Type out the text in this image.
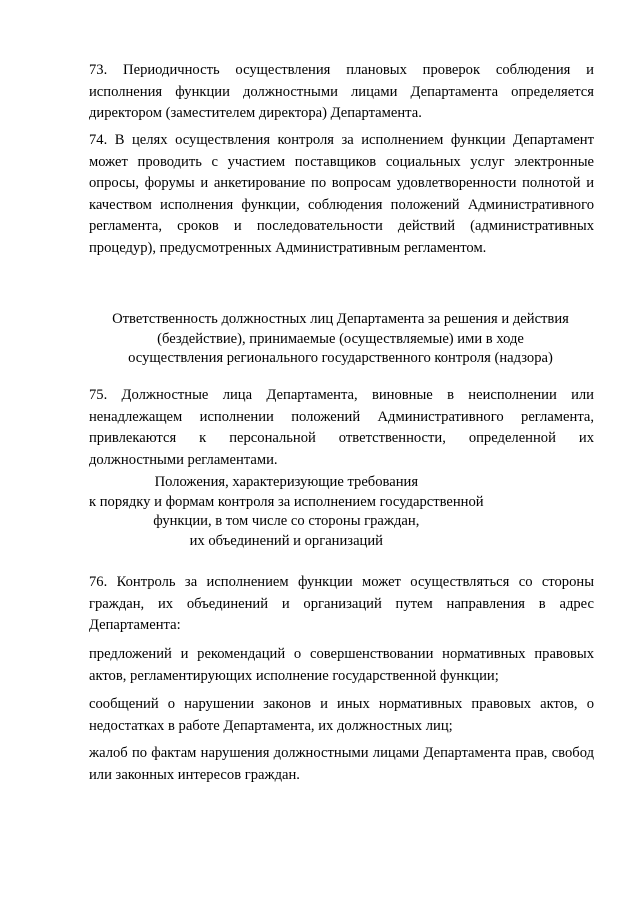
73. Периодичность осуществления плановых проверок соблюдения и исполнения функции должностными лицами Департамента определяется директором (заместителем директора) Департамента.

74. В целях осуществления контроля за исполнением функции Департамент может проводить с участием поставщиков социальных услуг электронные опросы, форумы и анкетирование по вопросам удовлетворенности полнотой и качеством исполнения функции, соблюдения положений Административного регламента, сроков и последовательности действий (административных процедур), предусмотренных Административным регламентом.

Ответственность должностных лиц Департамента за решения и действия
(бездействие), принимаемые (осуществляемые) ими в ходе
осуществления регионального государственного контроля (надзора)

75. Должностные лица Департамента, виновные в неисполнении или ненадлежащем исполнении положений Административного регламента, привлекаются к персональной ответственности, определенной их должностными регламентами.

Положения, характеризующие требования
к порядку и формам контроля за исполнением государственной
функции, в том числе со стороны граждан,
их объединений и организаций

76. Контроль за исполнением функции может осуществляться со стороны граждан, их объединений и организаций путем направления в адрес Департамента:

предложений и рекомендаций о совершенствовании нормативных правовых актов, регламентирующих исполнение государственной функции;

сообщений о нарушении законов и иных нормативных правовых актов, о недостатках в работе Департамента, их должностных лиц;

жалоб по фактам нарушения должностными лицами Департамента прав, свобод или законных интересов граждан.
